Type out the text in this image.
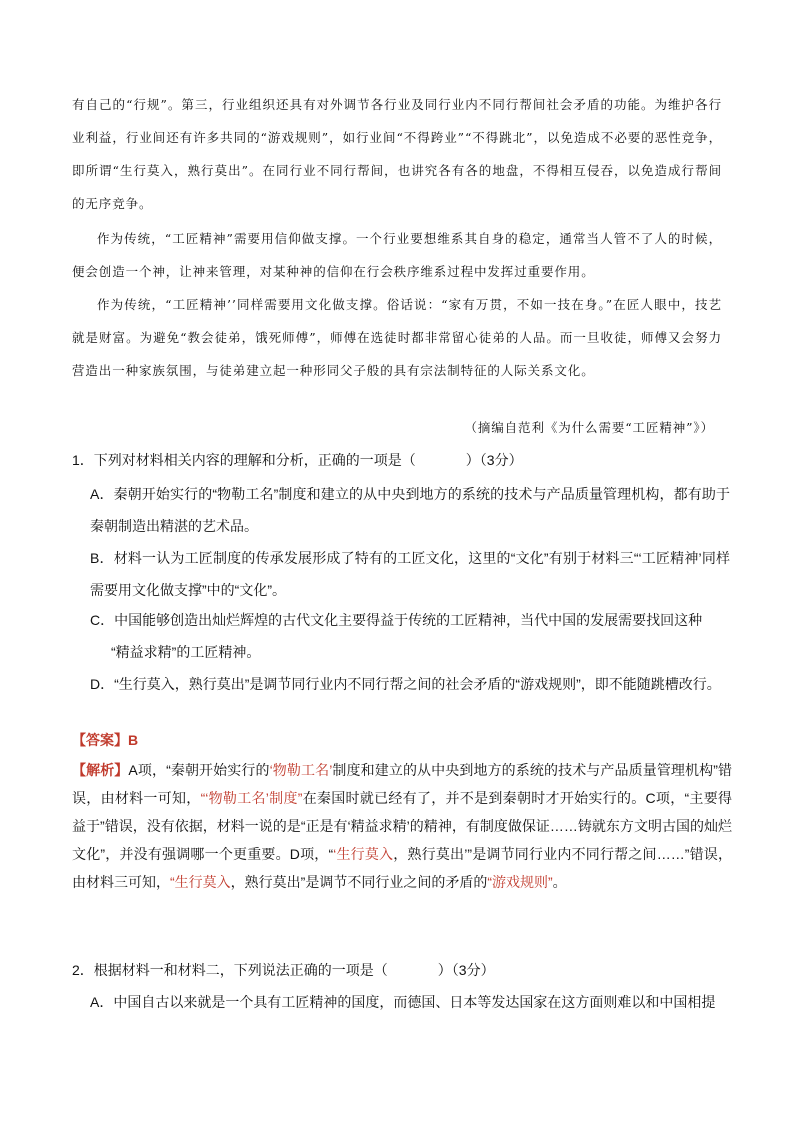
有自己的“行规”。第三，行业组织还具有对外调节各行业及同行业内不同行帮间社会矛盾的功能。为维护各行业利益，行业间还有许多共同的“游戏规则”，如行业间“不得跨业”“不得跳北”，以免造成不必要的恶性竞争，即所谓“生行莫入，熟行莫出”。在同行业不同行帮间，也讲究各有各的地盘，不得相互侵吞，以免造成行帮间的无序竞争。

作为传统，“工匠精神”需要用信仰做支撑。一个行业要想维系其自身的稳定，通常当人管不了人的时候，便会创造一个神，让神来管理，对某种神的信仰在行会秩序维系过程中发挥过重要作用。

作为传统，“工匠精神’’同样需要用文化做支撑。俗话说：“家有万贯，不如一技在身。”在匠人眼中，技艺就是财富。为避免“教会徒弟，饿死师傅”，师傅在选徒时都非常留心徒弟的人品。而一旦收徒，师傅又会努力营造出一种家族氛围，与徒弟建立起一种形同父子般的具有宗法制特征的人际关系文化。

（摘编自范利《为什么需要“工匠精神”》）

1．下列对材料相关内容的理解和分析，正确的一项是（	）（3分）

A．秦朝开始实行的“物勒工名”制度和建立的从中央到地方的系统的技术与产品质量管理机构，都有助于秦朝制造出精湛的艺术品。

B．材料一认为工匠制度的传承发展形成了特有的工匠文化，这里的“文化”有别于材料三“‘工匠精神’同样需要用文化做支撑”中的“文化”。

C．中国能够创造出灿烂辉煌的古代文化主要得益于传统的工匠精神，当代中国的发展需要找回这种

“精益求精”的工匠精神。

D．“生行莫入，熟行莫出”是调节同行业内不同行帮之间的社会矛盾的“游戏规则”，即不能随跳槽改行。

【答案】B

【解析】A项，“秦朝开始实行的‘物勒工名’制度和建立的从中央到地方的系统的技术与产品质量管理机构”错误，由材料一可知，“‘物勒工名’制度”在秦国时就已经有了，并不是到秦朝时才开始实行的。C项，“主要得益于”错误，没有依据，材料一说的是“正是有‘精益求精’的精神，有制度做保证……铸就东方文明古国的灿烂文化”，并没有强调哪一个更重要。D项，“‘生行莫入，熟行莫出’”是调节同行业内不同行帮之间……”错误，由材料三可知，“生行莫入，熟行莫出”是调节不同行业之间的矛盾的“游戏规则”。

2．根据材料一和材料二，下列说法正确的一项是（	）（3分）

A．中国自古以来就是一个具有工匠精神的国度，而德国、日本等发达国家在这方面则难以和中国相提
